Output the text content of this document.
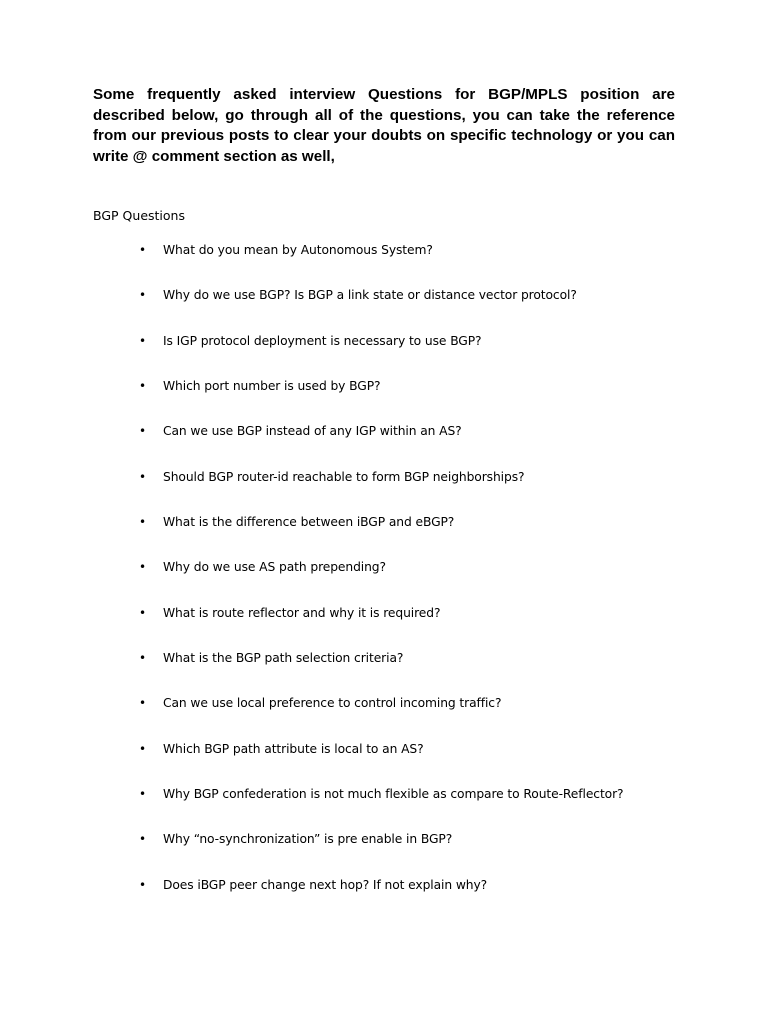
Some frequently asked interview Questions for BGP/MPLS position are described below, go through all of the questions, you can take the reference from our previous posts to clear your doubts on specific technology or you can write @ comment section as well,

BGP Questions
• What do you mean by Autonomous System?
• Why do we use BGP? Is BGP a link state or distance vector protocol?
• Is IGP protocol deployment is necessary to use BGP?
• Which port number is used by BGP?
• Can we use BGP instead of any IGP within an AS?
• Should BGP router-id reachable to form BGP neighborships?
• What is the difference between iBGP and eBGP?
• Why do we use AS path prepending?
• What is route reflector and why it is required?
• What is the BGP path selection criteria?
• Can we use local preference to control incoming traffic?
• Which BGP path attribute is local to an AS?
• Why BGP confederation is not much flexible as compare to Route-Reflector?
• Why “no-synchronization” is pre enable in BGP?
• Does iBGP peer change next hop? If not explain why?
